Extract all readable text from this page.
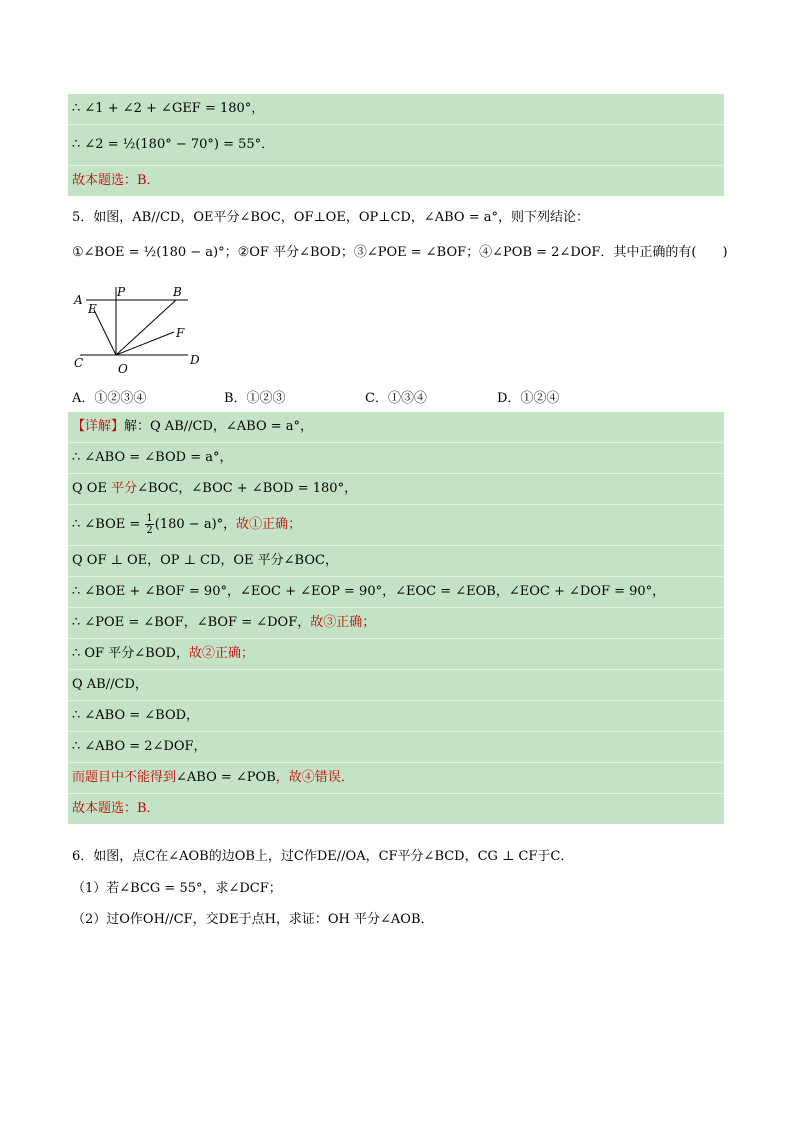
∴ ∠1 + ∠2 + ∠GEF = 180°，
∴ ∠2 = ½(180° − 70°) = 55°．
故本题选：B．
5．如图，AB//CD，OE平分∠BOC，OF⊥OE，OP⊥CD，∠ABO = a°，则下列结论：
①∠BOE = ½(180 − a)°；②OF 平分∠BOD；③∠POE = ∠BOF；④∠POB = 2∠DOF．其中正确的有(　　)
A
P	B
E
F
C	O
D
A．①②③④	B．①②③	C．①③④	D．①②④
【详解】解：Q AB//CD，∠ABO = a°，
∴ ∠ABO = ∠BOD = a°，
Q OE 平分∠BOC，∠BOC + ∠BOD = 180°，
∴ ∠BOE = $\frac{1}{2} (180 - a)^\circ$，故①正确；
Q OF ⊥ OE，OP ⊥ CD，OE 平分∠BOC，
∴ ∠BOE + ∠BOF = 90°，∠EOC + ∠EOP = 90°，∠EOC = ∠EOB，∠EOC + ∠DOF = 90°，
∴ ∠POE = ∠BOF，∠BOF = ∠DOF，故③正确；
∴ OF 平分∠BOD，故②正确；
Q AB//CD，
∴ ∠ABO = ∠BOD，
∴ ∠ABO = 2∠DOF，
而题目中不能得到∠ABO = ∠POB，故④错误．
故本题选：B．
6．如图，点C在∠AOB的边OB上，过C作DE//OA，CF平分∠BCD，CG ⊥ CF于C．
（1）若∠BCG = 55°，求∠DCF；
（2）过O作OH//CF，交DE于点H，求证：OH 平分∠AOB．
